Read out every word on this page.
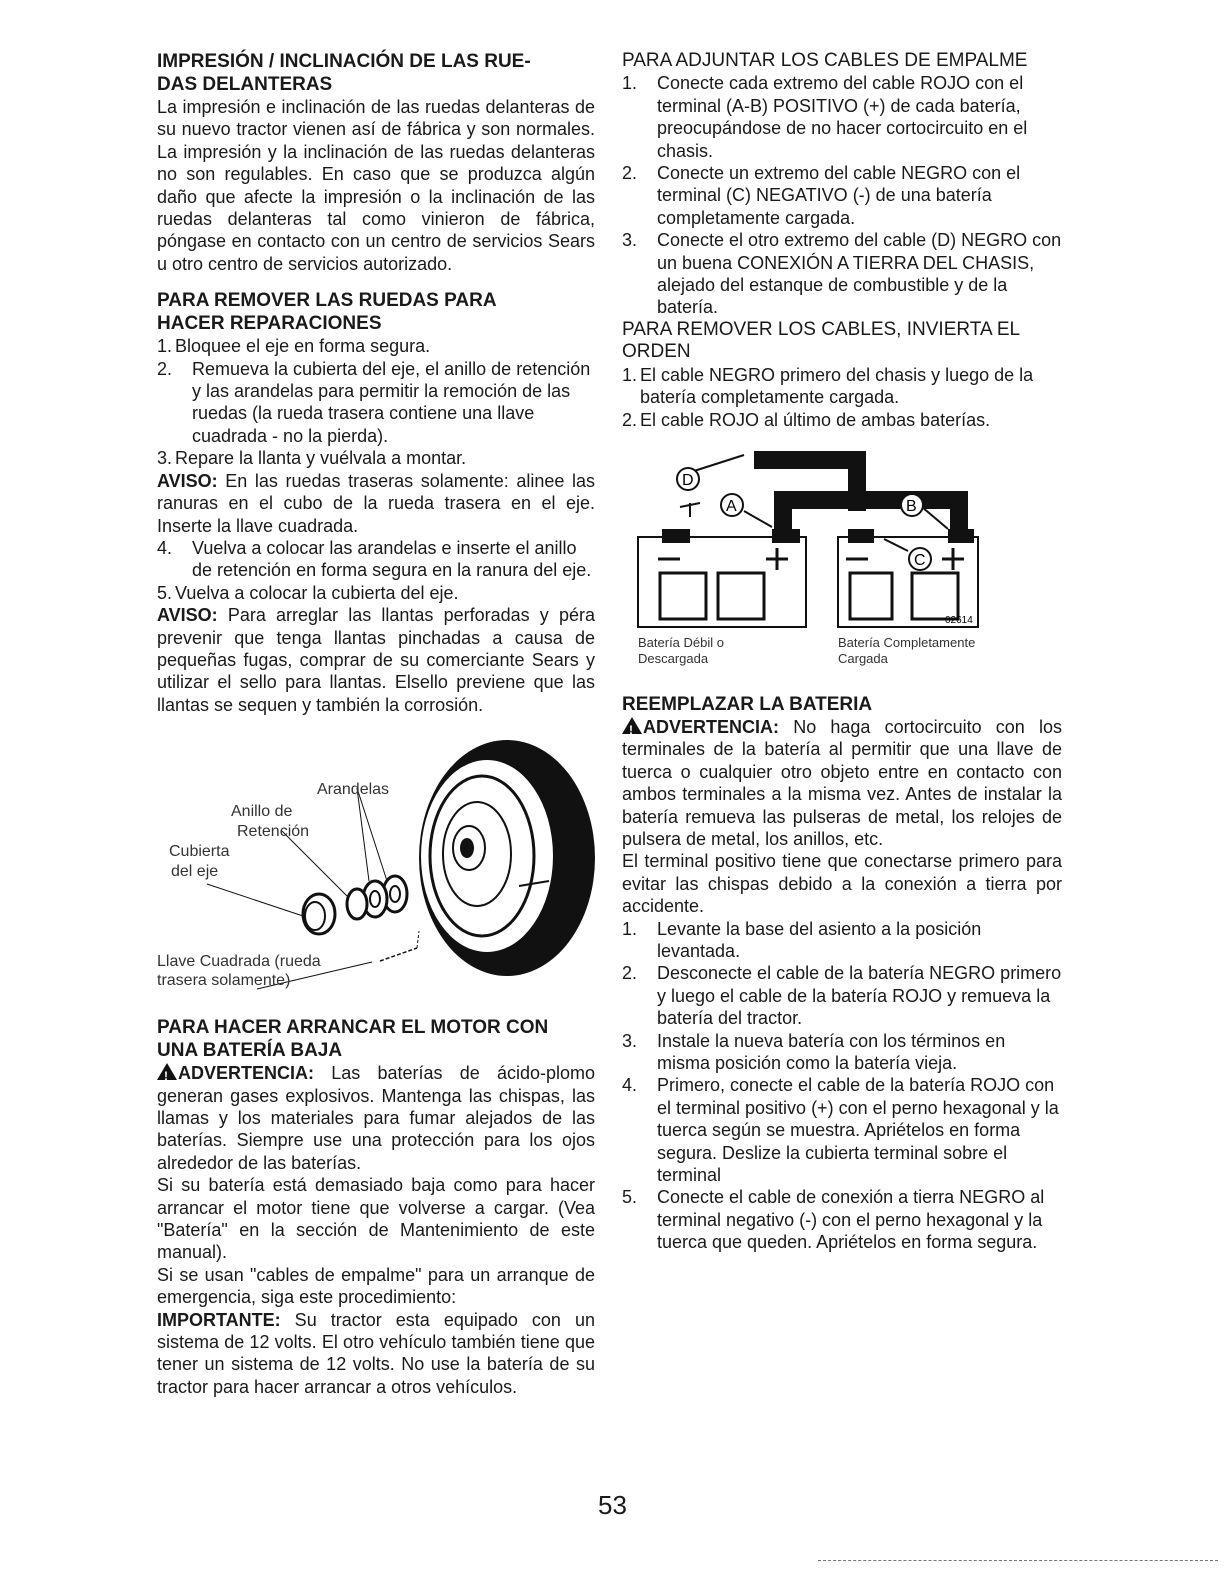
IMPRESIÓN / INCLINACIÓN DE LAS RUE-
DAS DELANTERAS

La impresión e inclinación de las ruedas delanteras de su nuevo tractor vienen así de fábrica y son normales. La impresión y la inclinación de las ruedas delanteras no son regulables. En caso que se produzca algún daño que afecte la impresión o la inclinación de las ruedas delanteras tal como vinieron de fábrica, póngase en contacto con un centro de servicios Sears u otro centro de servicios autorizado.

PARA REMOVER LAS RUEDAS PARA
HACER REPARACIONES

1. Bloquee el eje en forma segura.
2.	Remueva la cubierta del eje, el anillo de retención y las arandelas para permitir la remoción de las ruedas (la rueda trasera contiene una llave cuadrada - no la pierda).
3. Repare la llanta y vuélvala a montar.

AVISO: En las ruedas traseras solamente: alinee las ranuras en el cubo de la rueda trasera en el eje. Inserte la llave cuadrada.

4.	Vuelva a colocar las arandelas e inserte el anillo de retención en forma segura en la ranura del eje.
5. Vuelva a colocar la cubierta del eje.

AVISO: Para arreglar las llantas perforadas y péra prevenir que tenga llantas pinchadas a causa de pequeñas fugas, comprar de su comerciante Sears y utilizar el sello para llantas. Elsello previene que las llantas se sequen y también la corrosión.

Arandelas
Anillo de
Retención
Cubierta
del eje
Llave Cuadrada (rueda
trasera solamente)

PARA HACER ARRANCAR EL MOTOR CON
UNA BATERÍA BAJA

!ADVERTENCIA: Las baterías de ácido-plomo generan gases explosivos. Mantenga las chispas, las llamas y los materiales para fumar alejados de las baterías. Siempre use una protección para los ojos alrededor de las baterías.

Si su batería está demasiado baja como para hacer arrancar el motor tiene que volverse a cargar. (Vea "Batería" en la sección de Mantenimiento de este manual).

Si se usan "cables de empalme" para un arranque de emergencia, siga este procedimiento:

IMPORTANTE: Su tractor esta equipado con un sistema de 12 volts. El otro vehículo también tiene que tener un sistema de 12 volts. No use la batería de su tractor para hacer arrancar a otros vehículos.

PARA ADJUNTAR LOS CABLES DE EMPALME

1.	Conecte cada extremo del cable ROJO con el terminal (A-B) POSITIVO (+) de cada batería, preocupándose de no hacer cortocircuito en el chasis.
2.	Conecte un extremo del cable NEGRO con el terminal (C) NEGATIVO (-) de una batería completamente cargada.
3.	Conecte el otro extremo del cable (D) NEGRO con un buena CONEXIÓN A TIERRA DEL CHASIS, alejado del estanque de combustible y de la batería.

PARA REMOVER LOS CABLES, INVIERTA EL ORDEN

1. El cable NEGRO primero del chasis y luego de la batería completamente cargada.
2. El cable ROJO al último de ambas baterías.
D
A	B
C
02614
Batería Débil o
Descargada
Batería Completamente
Cargada

REEMPLAZAR LA BATERIA

!ADVERTENCIA: No haga cortocircuito con los terminales de la batería al permitir que una llave de tuerca o cualquier otro objeto entre en contacto con ambos terminales a la misma vez. Antes de instalar la batería remueva las pulseras de metal, los relojes de pulsera de metal, los anillos, etc.

El terminal positivo tiene que conectarse primero para evitar las chispas debido a la conexión a tierra por accidente.

1.	Levante la base del asiento a la posición levantada.
2.	Desconecte el cable de la batería NEGRO primero y luego el cable de la batería ROJO y remueva la batería del tractor.
3.	Instale la nueva batería con los términos en misma posición como la batería vieja.
4.	Primero, conecte el cable de la batería ROJO con el terminal positivo (+) con el perno hexagonal y la tuerca según se muestra. Apriételos en forma segura. Deslize la cubierta terminal sobre el terminal
5.	Conecte el cable de conexión a tierra NEGRO al terminal negativo (-) con el perno hexagonal y la tuerca que queden. Apriételos en forma segura.
53
